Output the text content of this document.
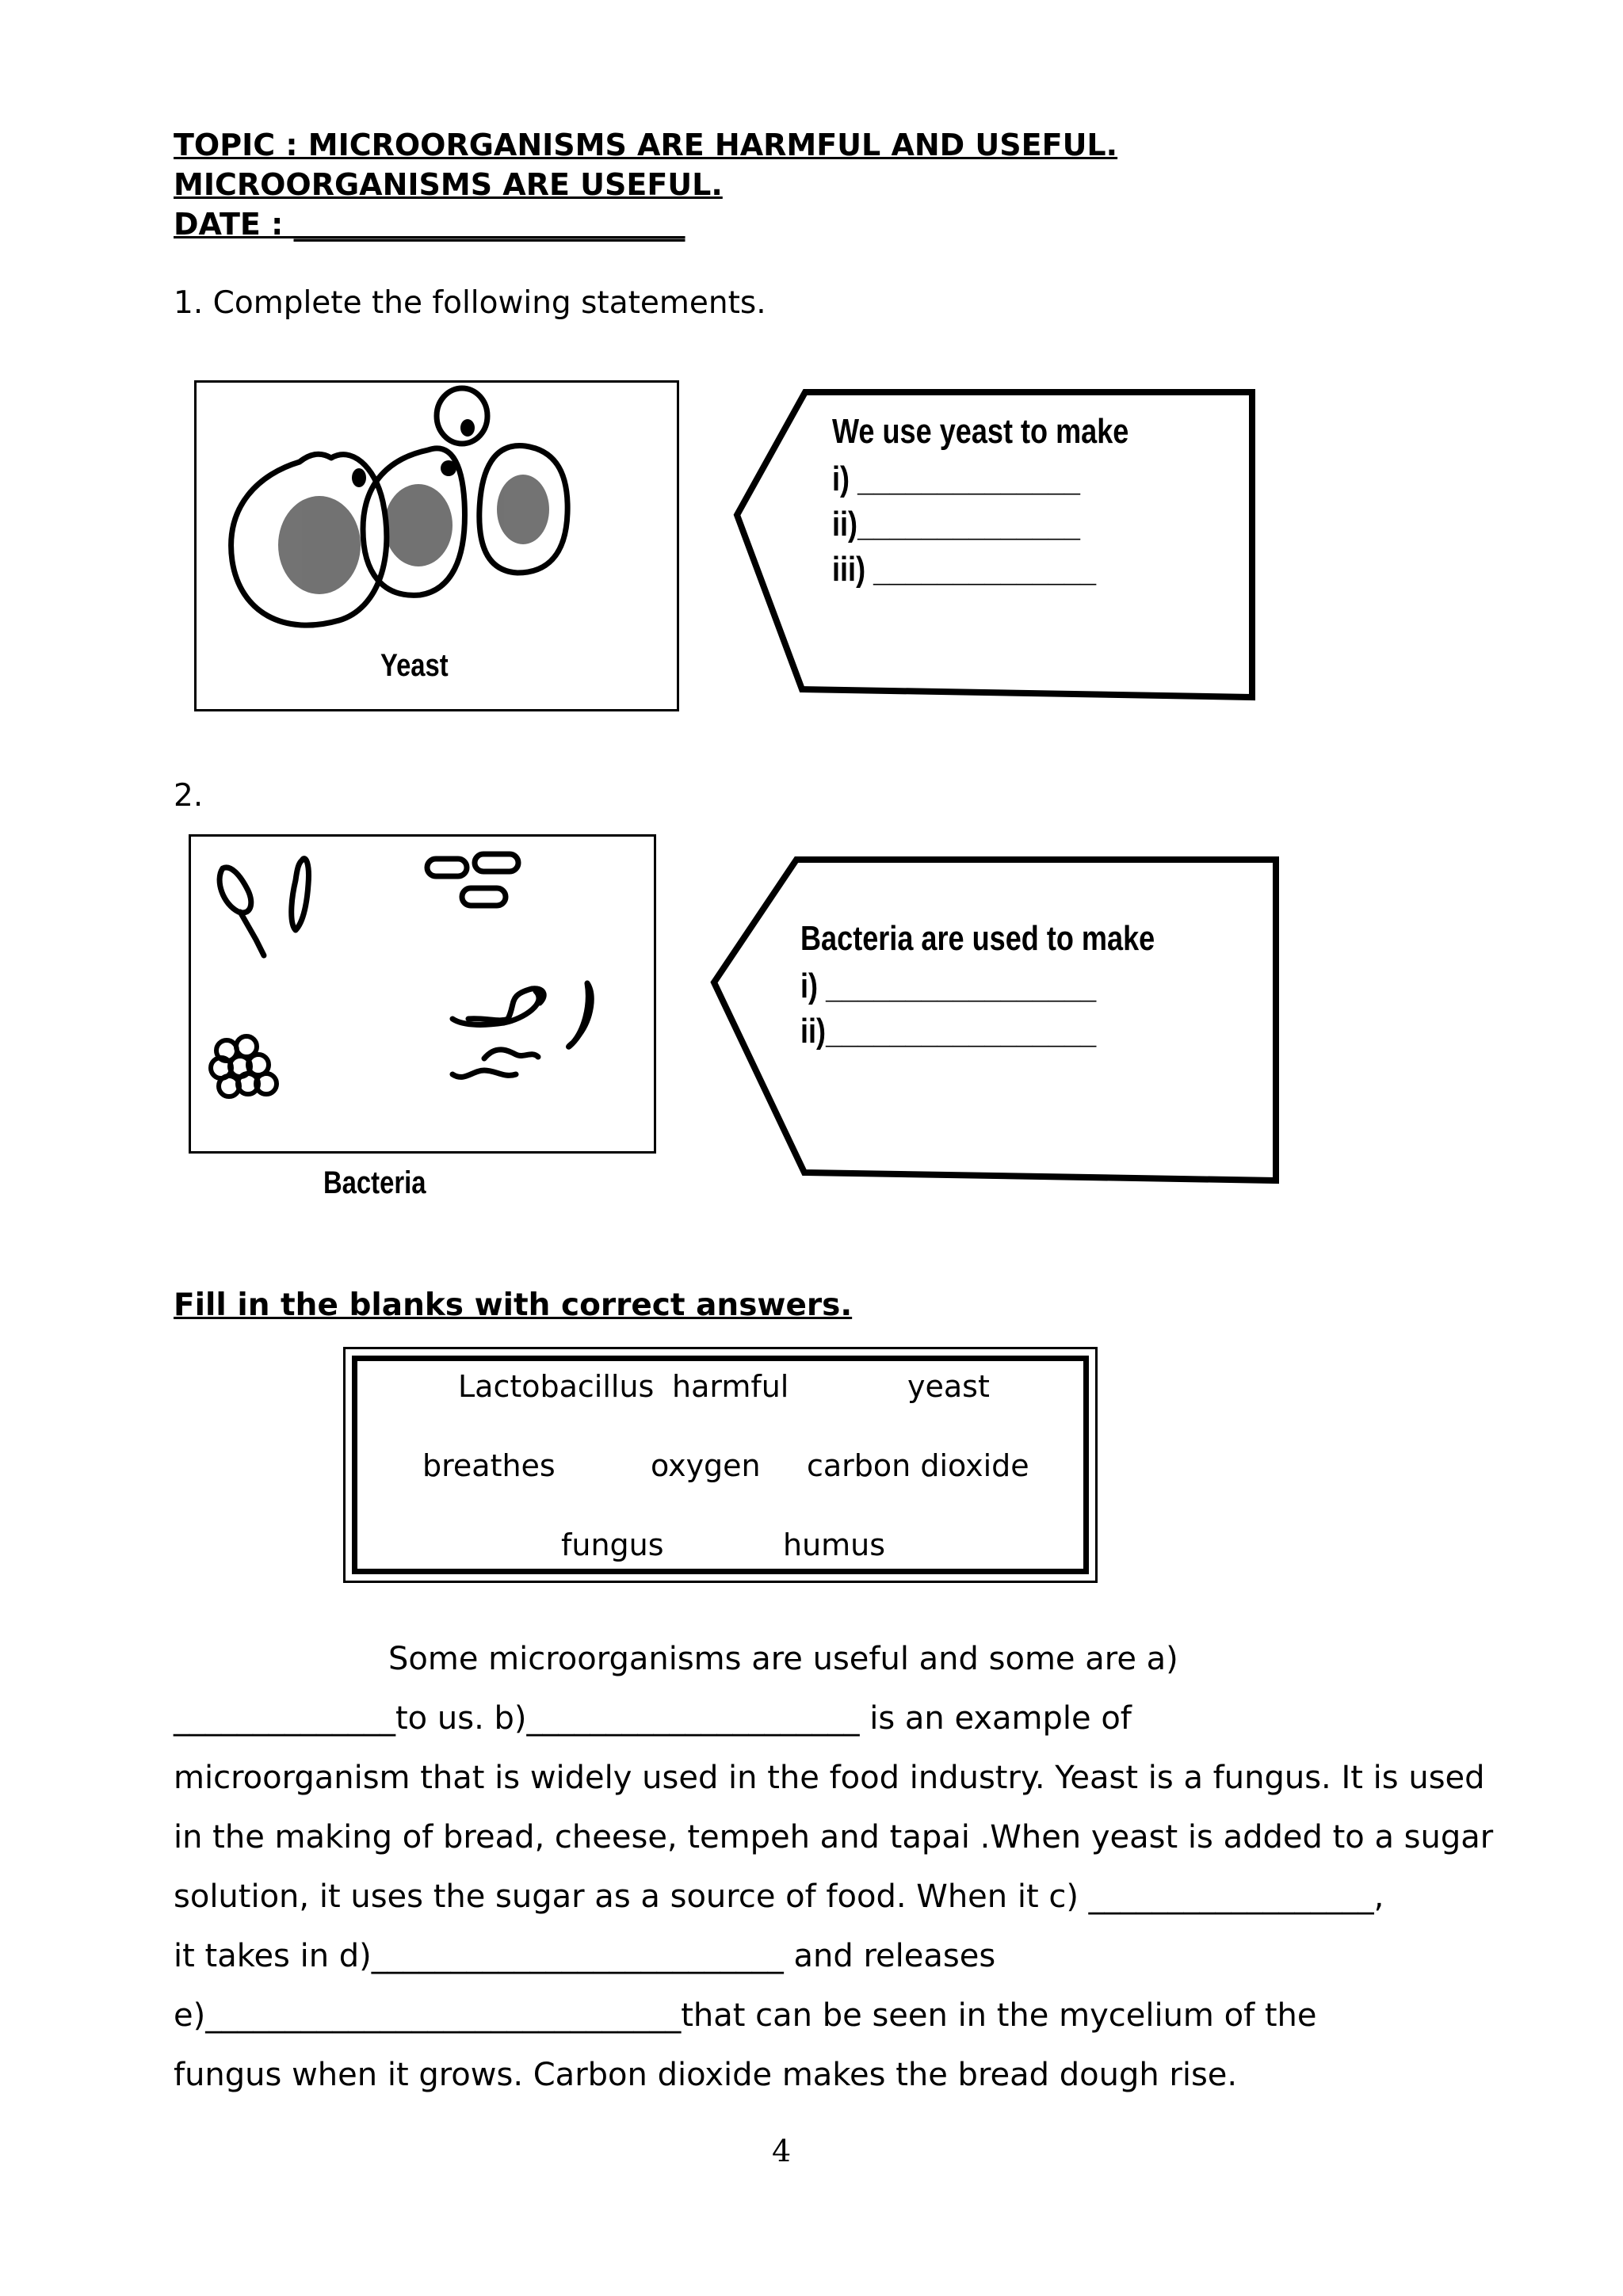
TOPIC : MICROORGANISMS ARE HARMFUL AND USEFUL.
MICROORGANISMS ARE USEFUL.
DATE : __________________________
1. Complete the following statements.
Yeast
We use yeast to make
i) ______________
ii)______________
iii) ______________
2.
Bacteria
Bacteria are used to make
i) _________________
ii)_________________
Fill in the blanks with correct answers.
Lactobacillus harmful	yeast
breathes	oxygen carbon dioxide
fungus	humus

Some microorganisms are useful and some are a)

______________to us. b)_____________________ is an example of

microorganism that is widely used in the food industry. Yeast is a fungus. It is used

in the making of bread, cheese, tempeh and tapai .When yeast is added to a sugar

solution, it uses the sugar as a source of food. When it c) __________________,

it takes in d)__________________________ and releases

e)______________________________that can be seen in the mycelium of the

fungus when it grows. Carbon dioxide makes the bread dough rise.

4
